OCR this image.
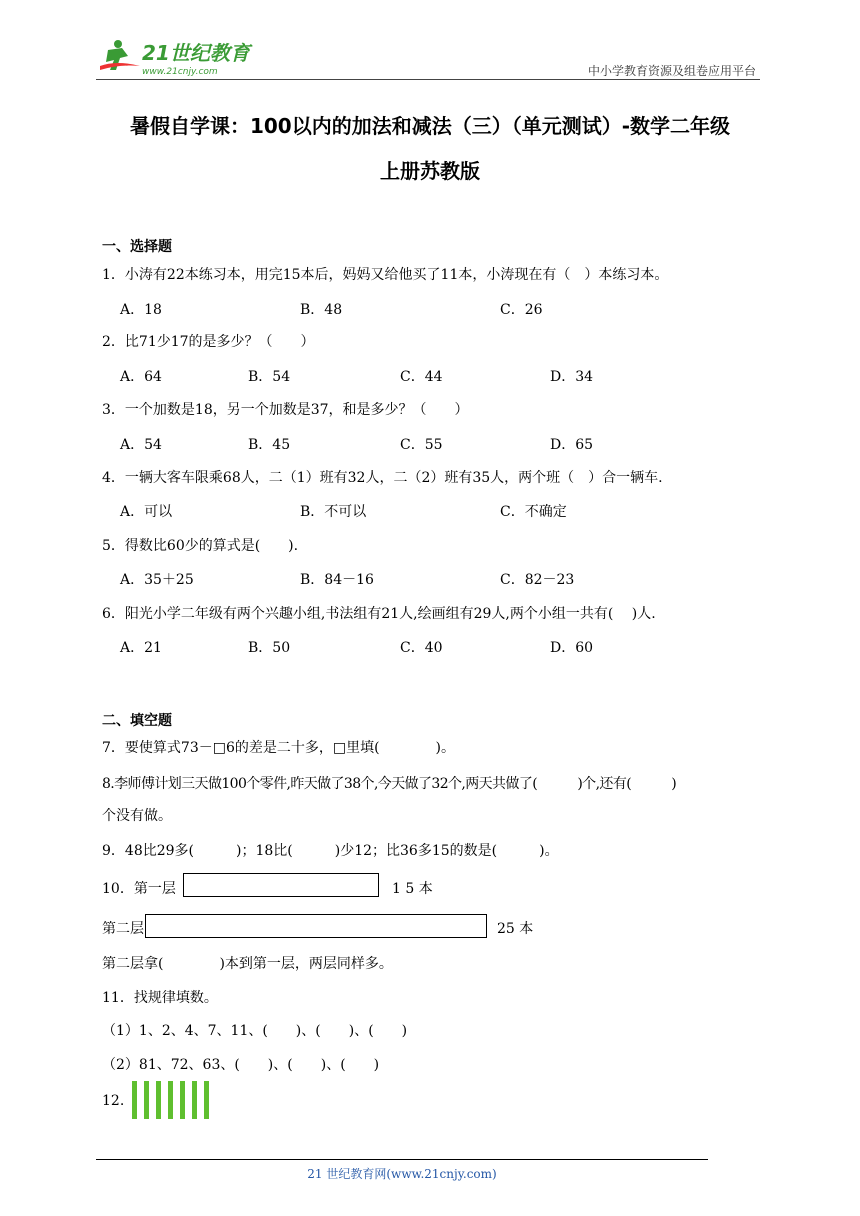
21世纪教育
www.21cnjy.com	中小学教育资源及组卷应用平台
暑假自学课：100以内的加法和减法（三）（单元测试）-数学二年级
上册苏教版
一、选择题
1．小涛有22本练习本，用完15本后，妈妈又给他买了11本，小涛现在有（　）本练习本。
A．18	B．48	C．26
2．比71少17的是多少？（　　）
A．64	B．54	C．44	D．34
3．一个加数是18，另一个加数是37，和是多少？（　　）
A．54	B．45	C．55	D．65
4．一辆大客车限乘68人，二（1）班有32人，二（2）班有35人，两个班（　）合一辆车.
A．可以	B．不可以	C．不确定
5．得数比60少的算式是(　　).
A．35＋25	B．84－16	C．82－23
6．阳光小学二年级有两个兴趣小组,书法组有21人,绘画组有29人,两个小组一共有(　 )人.
A．21	B．50	C．40	D．60
二、填空题
7．要使算式73－□6的差是二十多，□里填(　　　　)。
8.李师傅计划三天做100个零件,昨天做了38个,今天做了32个,两天共做了(　　　)个,还有(　　　)
个没有做。
9．48比29多(　　　)；18比(　　　)少12；比36多15的数是(　　　)。
10．第一层	1 5 本
第二层	25 本
第二层拿(　　　　)本到第一层，两层同样多。
11．找规律填数。
（1）1、2、4、7、11、(　　)、(　　)、(　　)
（2）81、72、63、(　　)、(　　)、(　　)
12.
21 世纪教育网(www.21cnjy.com)
